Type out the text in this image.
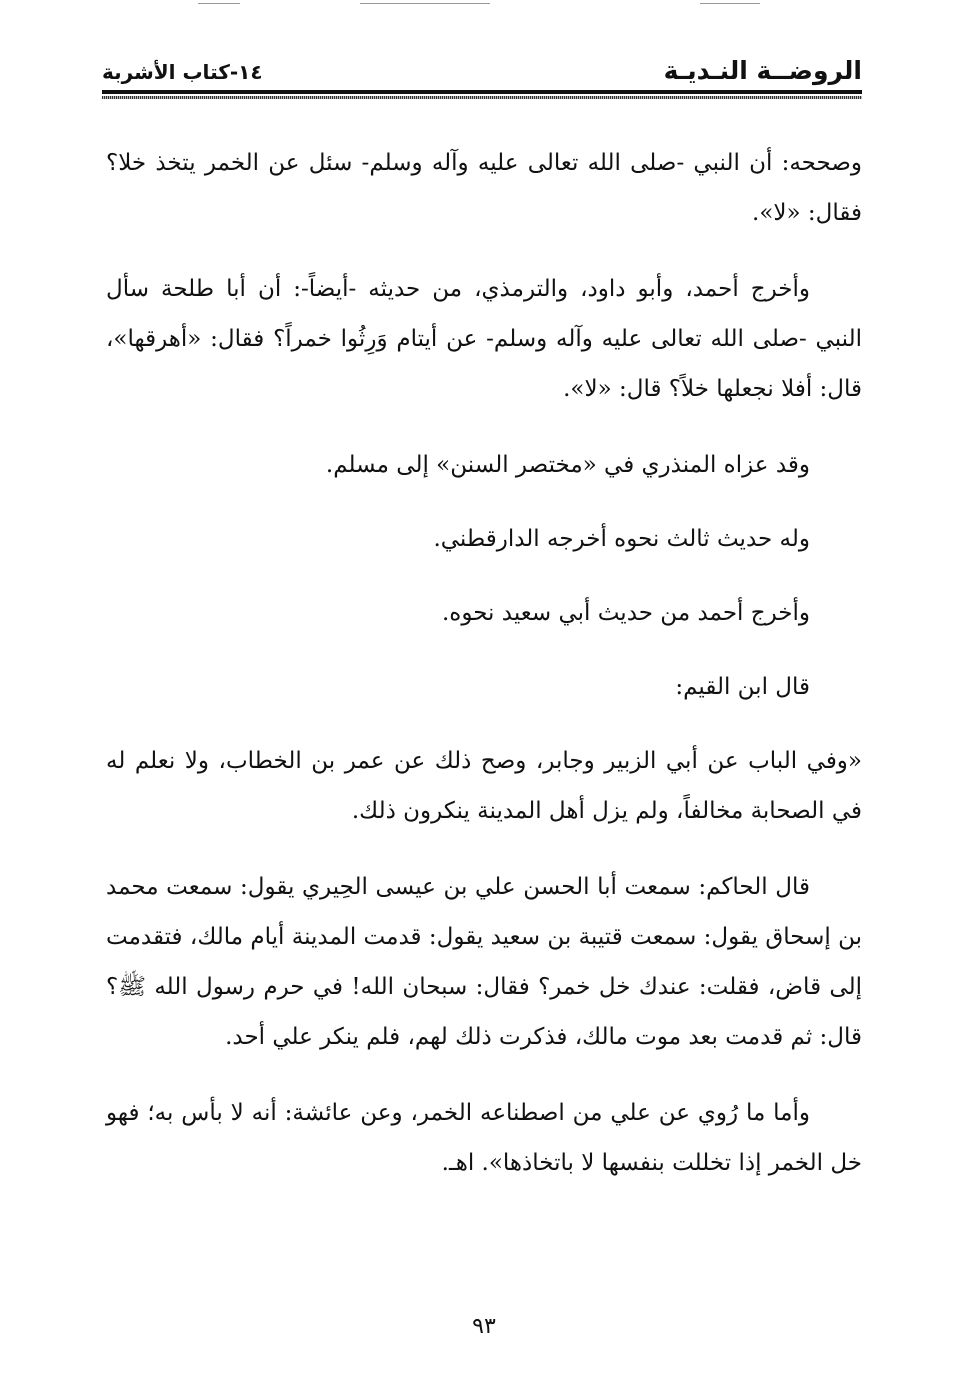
الروضــة النـديـة
١٤-كتاب الأشربة

وصححه: أن النبي -صلى الله تعالى عليه وآله وسلم- سئل عن الخمر يتخذ خلا؟ فقال: «لا».

وأخرج أحمد، وأبو داود، والترمذي، من حديثه -أيضاً-: أن أبا طلحة سأل النبي -صلى الله تعالى عليه وآله وسلم- عن أيتام وَرِثُوا خمراً؟ فقال: «أهرقها»، قال: أفلا نجعلها خلاً؟ قال: «لا».

وقد عزاه المنذري في «مختصر السنن» إلى مسلم.

وله حديث ثالث نحوه أخرجه الدارقطني.

وأخرج أحمد من حديث أبي سعيد نحوه.

قال ابن القيم:

«وفي الباب عن أبي الزبير وجابر، وصح ذلك عن عمر بن الخطاب، ولا نعلم له في الصحابة مخالفاً، ولم يزل أهل المدينة ينكرون ذلك.

قال الحاكم: سمعت أبا الحسن علي بن عيسى الحِيري يقول: سمعت محمد بن إسحاق يقول: سمعت قتيبة بن سعيد يقول: قدمت المدينة أيام مالك، فتقدمت إلى قاض، فقلت: عندك خل خمر؟ فقال: سبحان الله! في حرم رسول الله ﷺ؟ قال: ثم قدمت بعد موت مالك، فذكرت ذلك لهم، فلم ينكر علي أحد.

وأما ما رُوي عن علي من اصطناعه الخمر، وعن عائشة: أنه لا بأس به؛ فهو خل الخمر إذا تخللت بنفسها لا باتخاذها». اهـ.

٩٣
